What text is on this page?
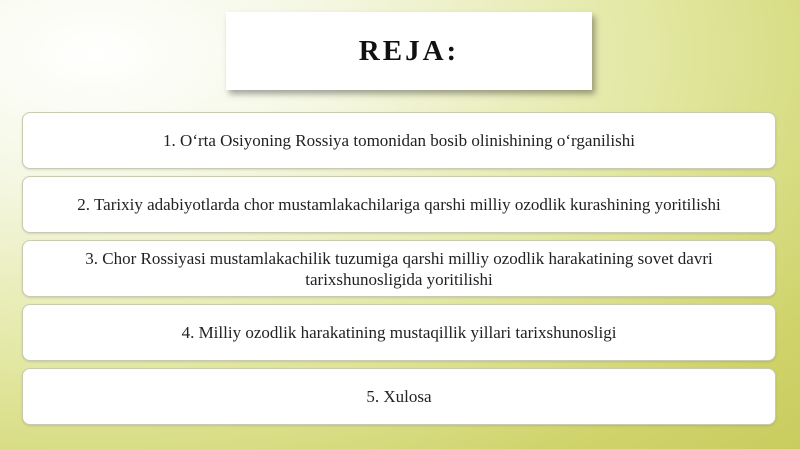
REJA:
1. O‘rta Osiyoning Rossiya tomonidan bosib olinishining o‘rganilishi
2. Tarixiy adabiyotlarda chor mustamlakachilariga qarshi milliy ozodlik kurashining yoritilishi
3. Chor Rossiyasi mustamlakachilik tuzumiga qarshi milliy ozodlik harakatining sovet davri tarixshunosligida yoritilishi
4. Milliy ozodlik harakatining mustaqillik yillari tarixshunosligi
5. Xulosa
